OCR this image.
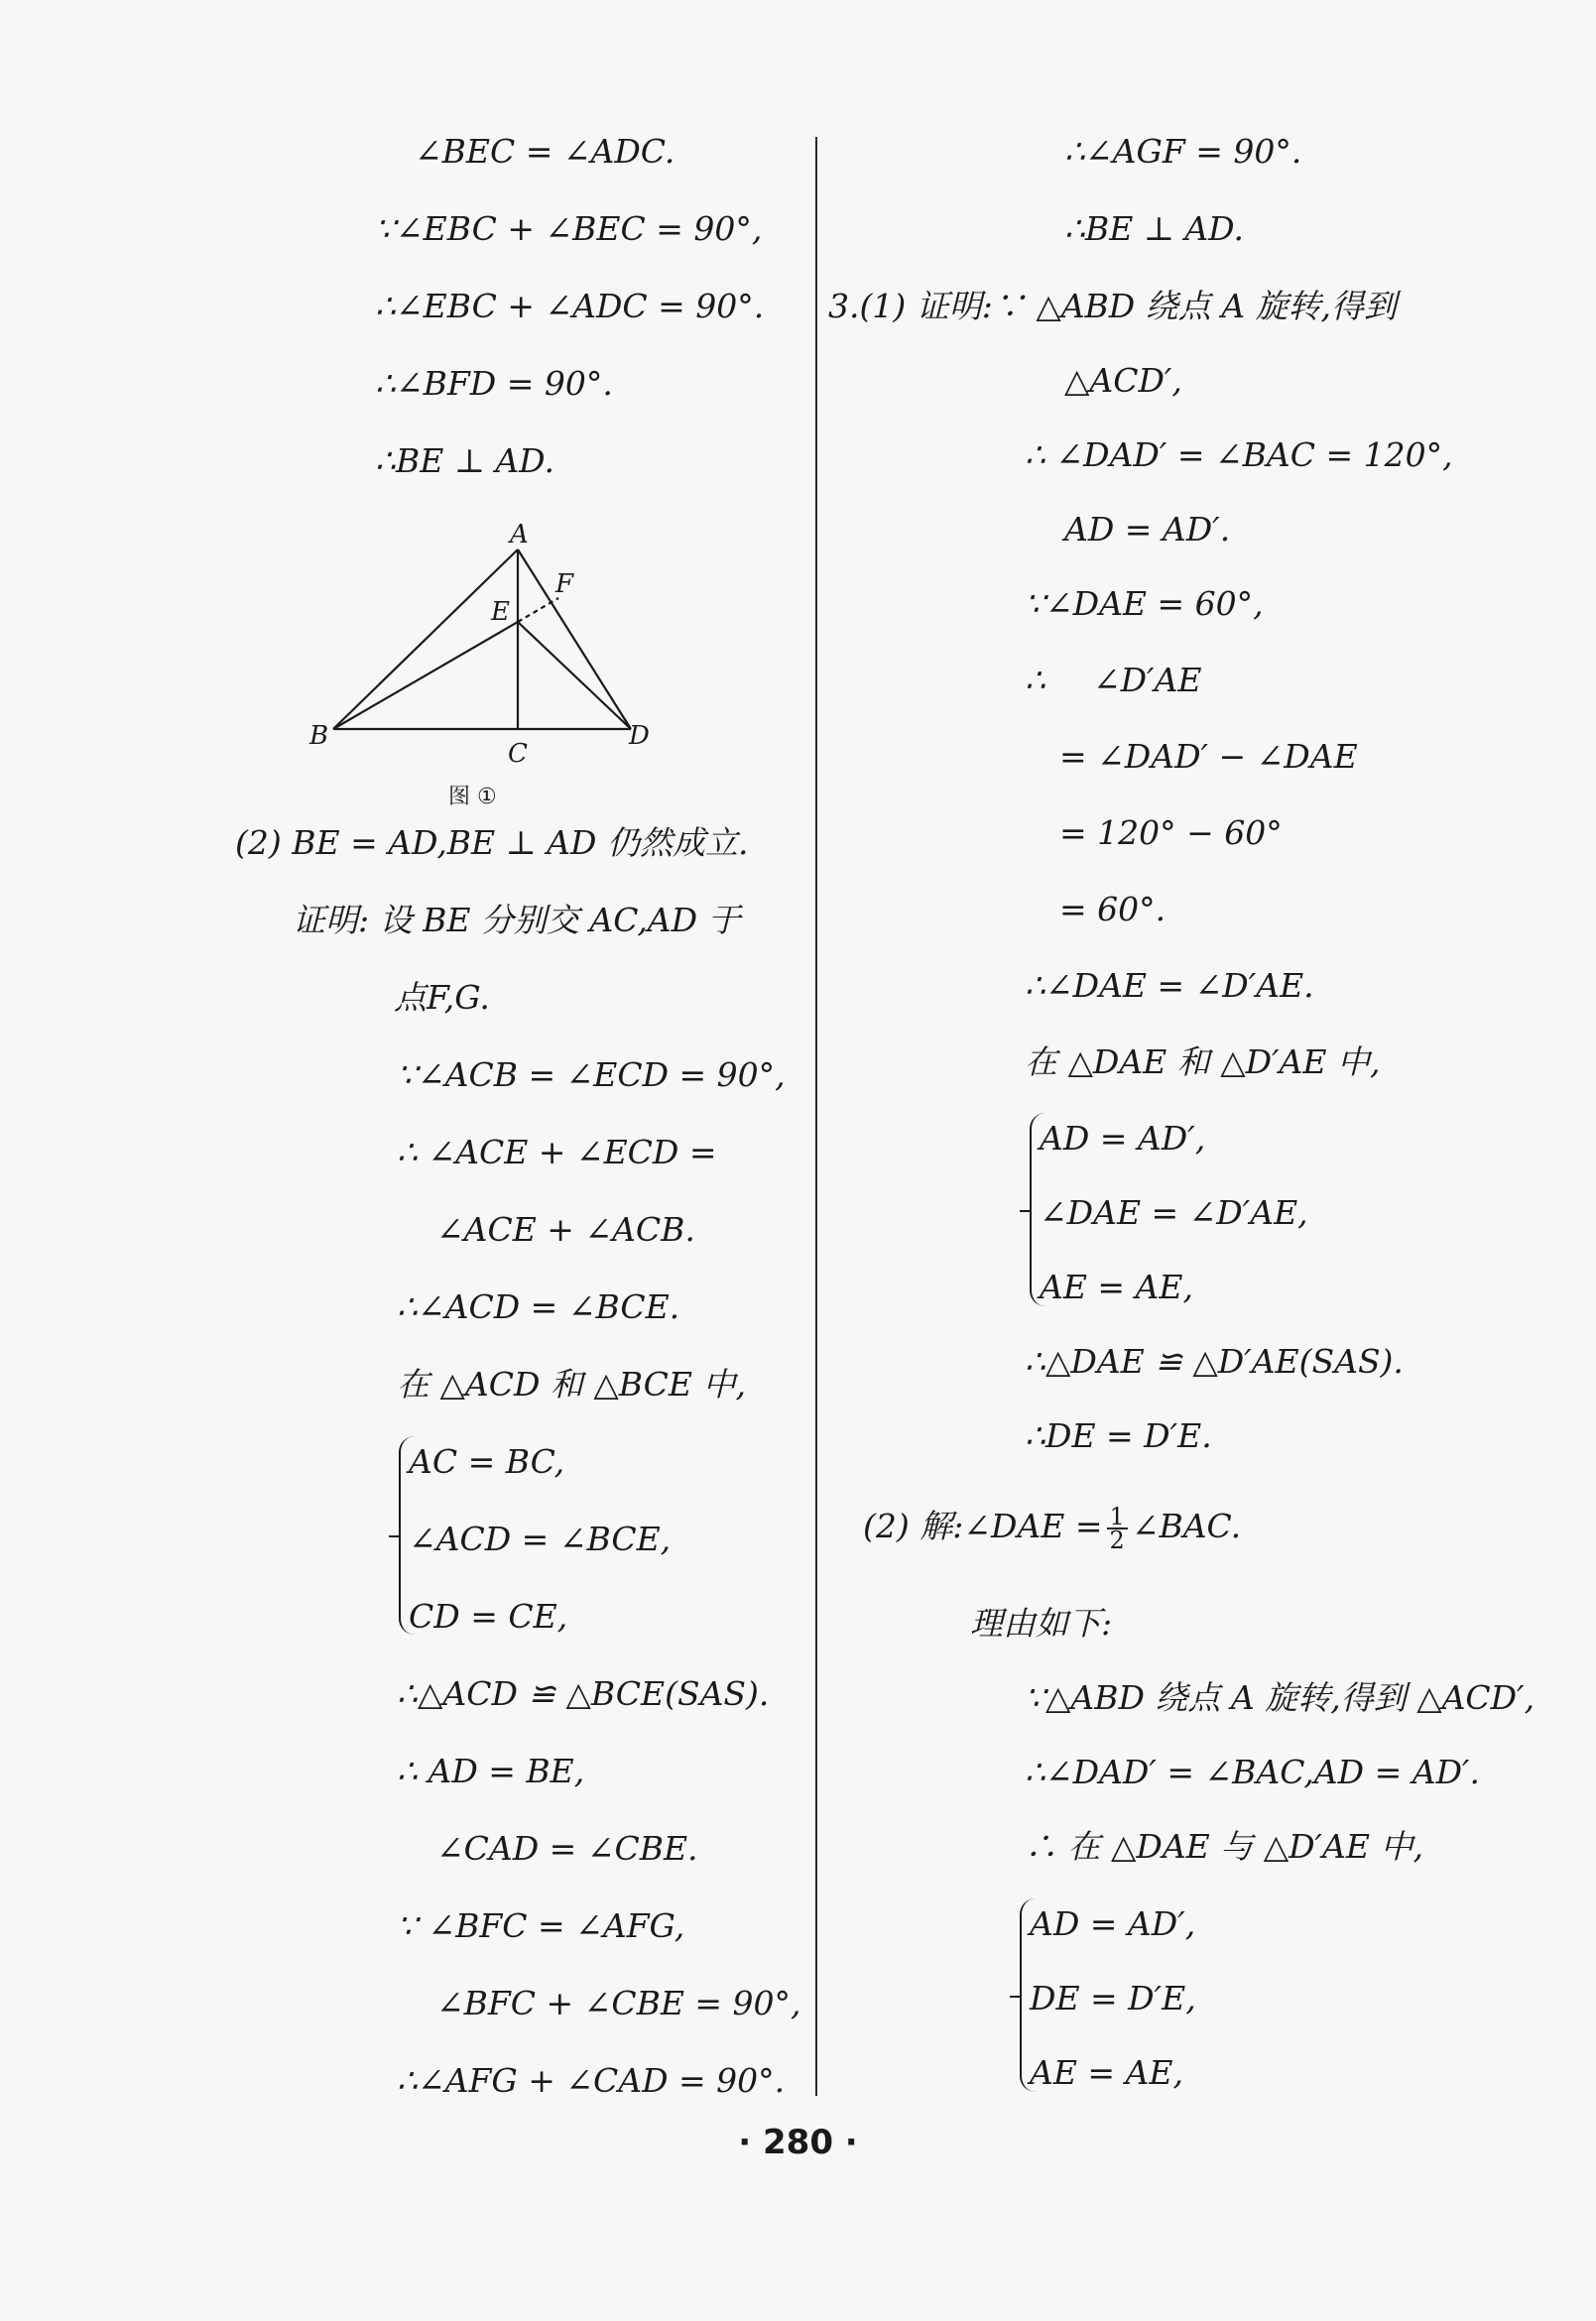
∠BEC = ∠ADC.
∵∠EBC + ∠BEC = 90°,
∴∠EBC + ∠ADC = 90°.
∴∠BFD = 90°.
∴BE ⊥ AD.
A
B
C
D
E
F
图 ①
(2) BE = AD,BE ⊥ AD 仍然成立.
证明: 设 BE 分别交 AC,AD 于
点F,G.
∵∠ACB = ∠ECD = 90°,
∴ ∠ACE + ∠ECD =
∠ACE + ∠ACB.
∴∠ACD = ∠BCE.
在 △ACD 和 △BCE 中,
AC = BC,
∠ACD = ∠BCE,
CD = CE,
∴△ACD ≌ △BCE(SAS).
∴ AD = BE,
∠CAD = ∠CBE.
∵ ∠BFC = ∠AFG,
∠BFC + ∠CBE = 90°,
∴∠AFG + ∠CAD = 90°.
∴∠AGF = 90°.
∴BE ⊥ AD.
3.(1) 证明:∵ △ABD 绕点 A 旋转,得到
△ACD′,
∴ ∠DAD′ = ∠BAC = 120°,
AD = AD′.
∵∠DAE = 60°,
∴ ∠D′AE
= ∠DAD′ − ∠DAE
= 120° − 60°
= 60°.
∴∠DAE = ∠D′AE.
在 △DAE 和 △D′AE 中,
AD = AD′,
∠DAE = ∠D′AE,
AE = AE,
∴△DAE ≌ △D′AE(SAS).
∴DE = D′E.
(2) 解:∠DAE = $\frac{1}{2}$ ∠BAC.
理由如下:
∵△ABD 绕点 A 旋转,得到 △ACD′,
∴∠DAD′ = ∠BAC,AD = AD′.
∴ 在 △DAE 与 △D′AE 中,
AD = AD′,
DE = D′E,
AE = AE,
· 280 ·
